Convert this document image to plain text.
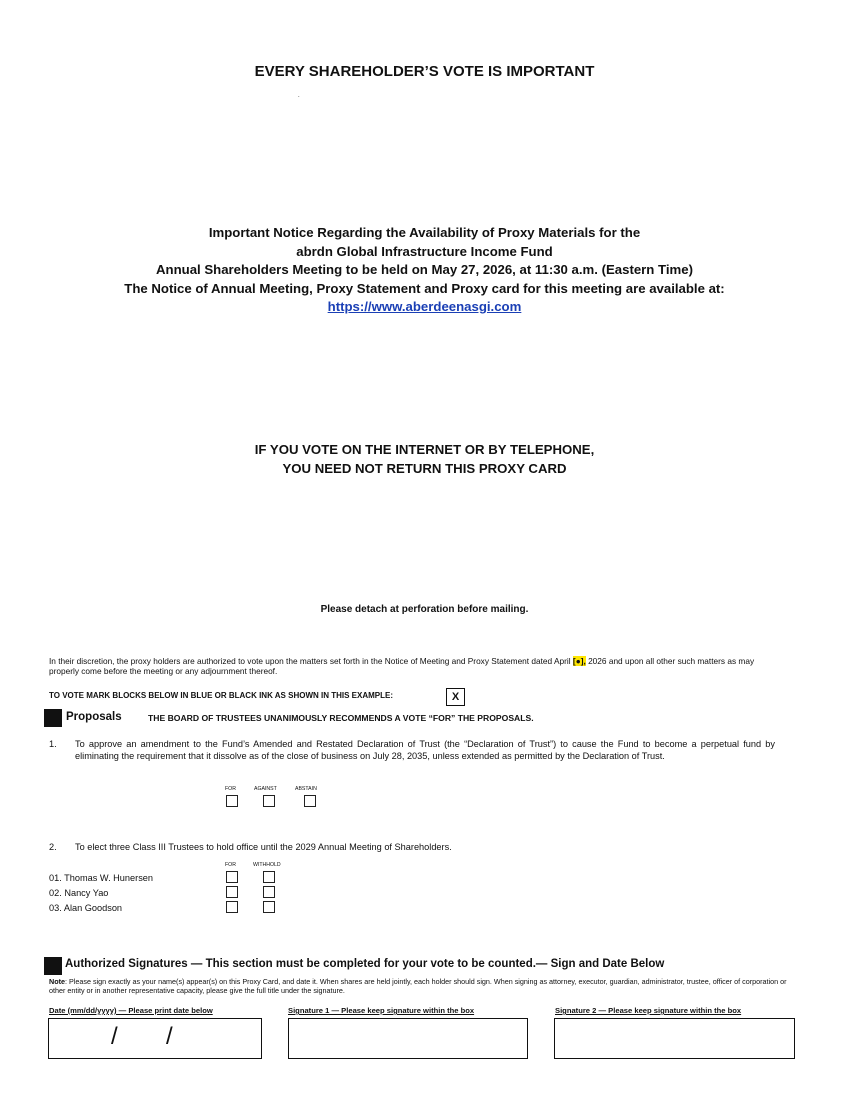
EVERY SHAREHOLDER’S VOTE IS IMPORTANT
.
Important Notice Regarding the Availability of Proxy Materials for the
abrdn Global Infrastructure Income Fund
Annual Shareholders Meeting to be held on May 27, 2026, at 11:30 a.m. (Eastern Time)
The Notice of Annual Meeting, Proxy Statement and Proxy card for this meeting are available at:
https://www.aberdeenasgi.com
IF YOU VOTE ON THE INTERNET OR BY TELEPHONE,
YOU NEED NOT RETURN THIS PROXY CARD
Please detach at perforation before mailing.
In their discretion, the proxy holders are authorized to vote upon the matters set forth in the Notice of Meeting and Proxy Statement dated April [●], 2026 and upon all other such matters as may properly come before the meeting or any adjournment thereof.
TO VOTE MARK BLOCKS BELOW IN BLUE OR BLACK INK AS SHOWN IN THIS EXAMPLE:	X
Proposals	THE BOARD OF TRUSTEES UNANIMOUSLY RECOMMENDS A VOTE “FOR” THE PROPOSALS.
1. To approve an amendment to the Fund’s Amended and Restated Declaration of Trust (the “Declaration of Trust”) to cause the Fund to become a perpetual fund by eliminating the requirement that it dissolve as of the close of business on July 28, 2035, unless extended as permitted by the Declaration of Trust.
FOR	AGAINST	ABSTAIN
2. To elect three Class III Trustees to hold office until the 2029 Annual Meeting of Shareholders.
FOR	WITHHOLD
01. Thomas W. Hunersen
02. Nancy Yao
03. Alan Goodson
Authorized Signatures — This section must be completed for your vote to be counted.— Sign and Date Below
Note: Please sign exactly as your name(s) appear(s) on this Proxy Card, and date it. When shares are held jointly, each holder should sign. When signing as attorney, executor, guardian, administrator, trustee, officer of corporation or other entity or in another representative capacity, please give the full title under the signature.
Date (mm/dd/yyyy) — Please print date below	Signature 1 — Please keep signature within the box	Signature 2 — Please keep signature within the box
/ /
